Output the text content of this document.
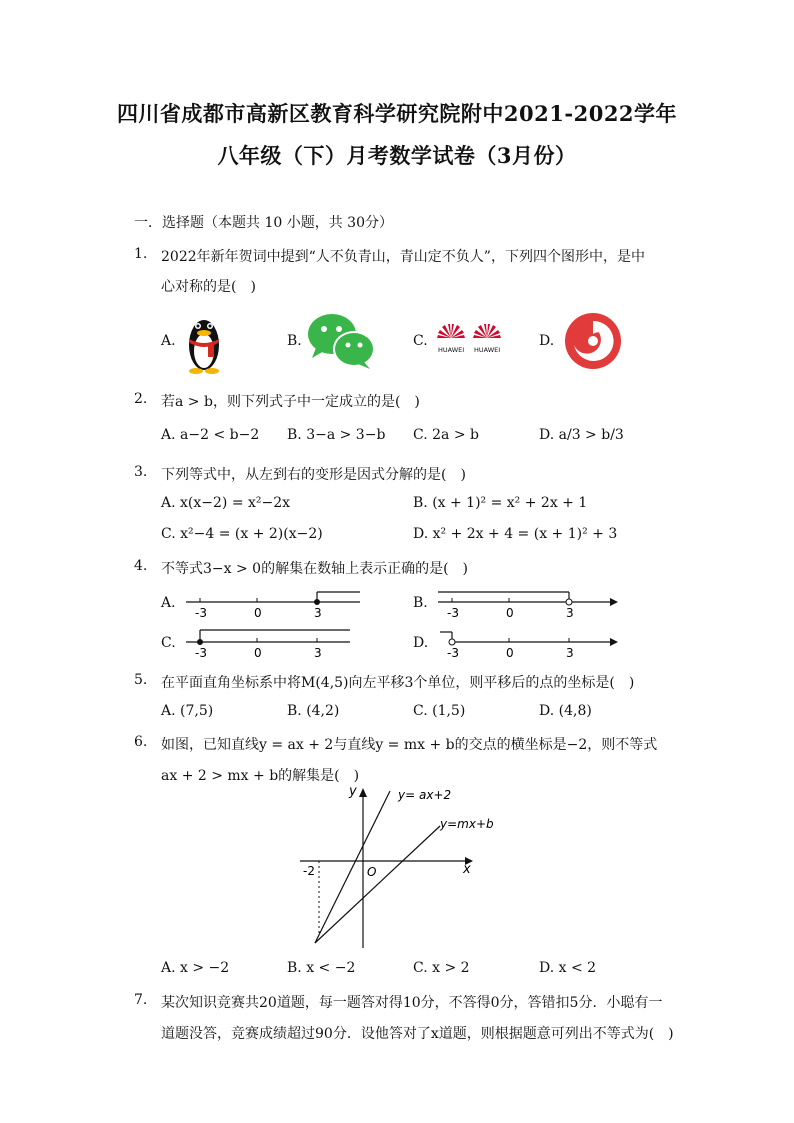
四川省成都市高新区教育科学研究院附中2021-2022学年
八年级（下）月考数学试卷（3月份）
一．选择题（本题共 10 小题，共 30分）
1. 2022年新年贺词中提到“人不负青山，青山定不负人”，下列四个图形中，是中
心对称的是(　)
A.	B.	C.
HUAWEI HUAWEI
D.
2. 若a > b，则下列式子中一定成立的是(　)
A. a−2 < b−2 B. 3−a > 3−b C. 2a > b	D. a/3 > b/3
3. 下列等式中，从左到右的变形是因式分解的是(　)
A. x(x−2) = x²−2x	B. (x + 1)² = x² + 2x + 1
C. x²−4 = (x + 2)(x−2)	D. x² + 2x + 4 = (x + 1)² + 3
4. 不等式3−x > 0的解集在数轴上表示正确的是(　)
A.
-3	0	3
B.
-3	0	3
C.
-3	0	3
D.
-3	0	3
5. 在平面直角坐标系中将M(4,5)向左平移3个单位，则平移后的点的坐标是(　)
A. (7,5)	B. (4,2)	C. (1,5)	D. (4,8)
6. 如图，已知直线y = ax + 2与直线y = mx + b的交点的横坐标是−2，则不等式
ax + 2 > mx + b的解集是(　)
y
x
O
-2
y= ax+2
y=mx+b
A. x > −2	B. x < −2	C. x > 2	D. x < 2
7. 某次知识竞赛共20道题，每一题答对得10分，不答得0分，答错扣5分．小聪有一
道题没答，竞赛成绩超过90分．设他答对了x道题，则根据题意可列出不等式为(　)
